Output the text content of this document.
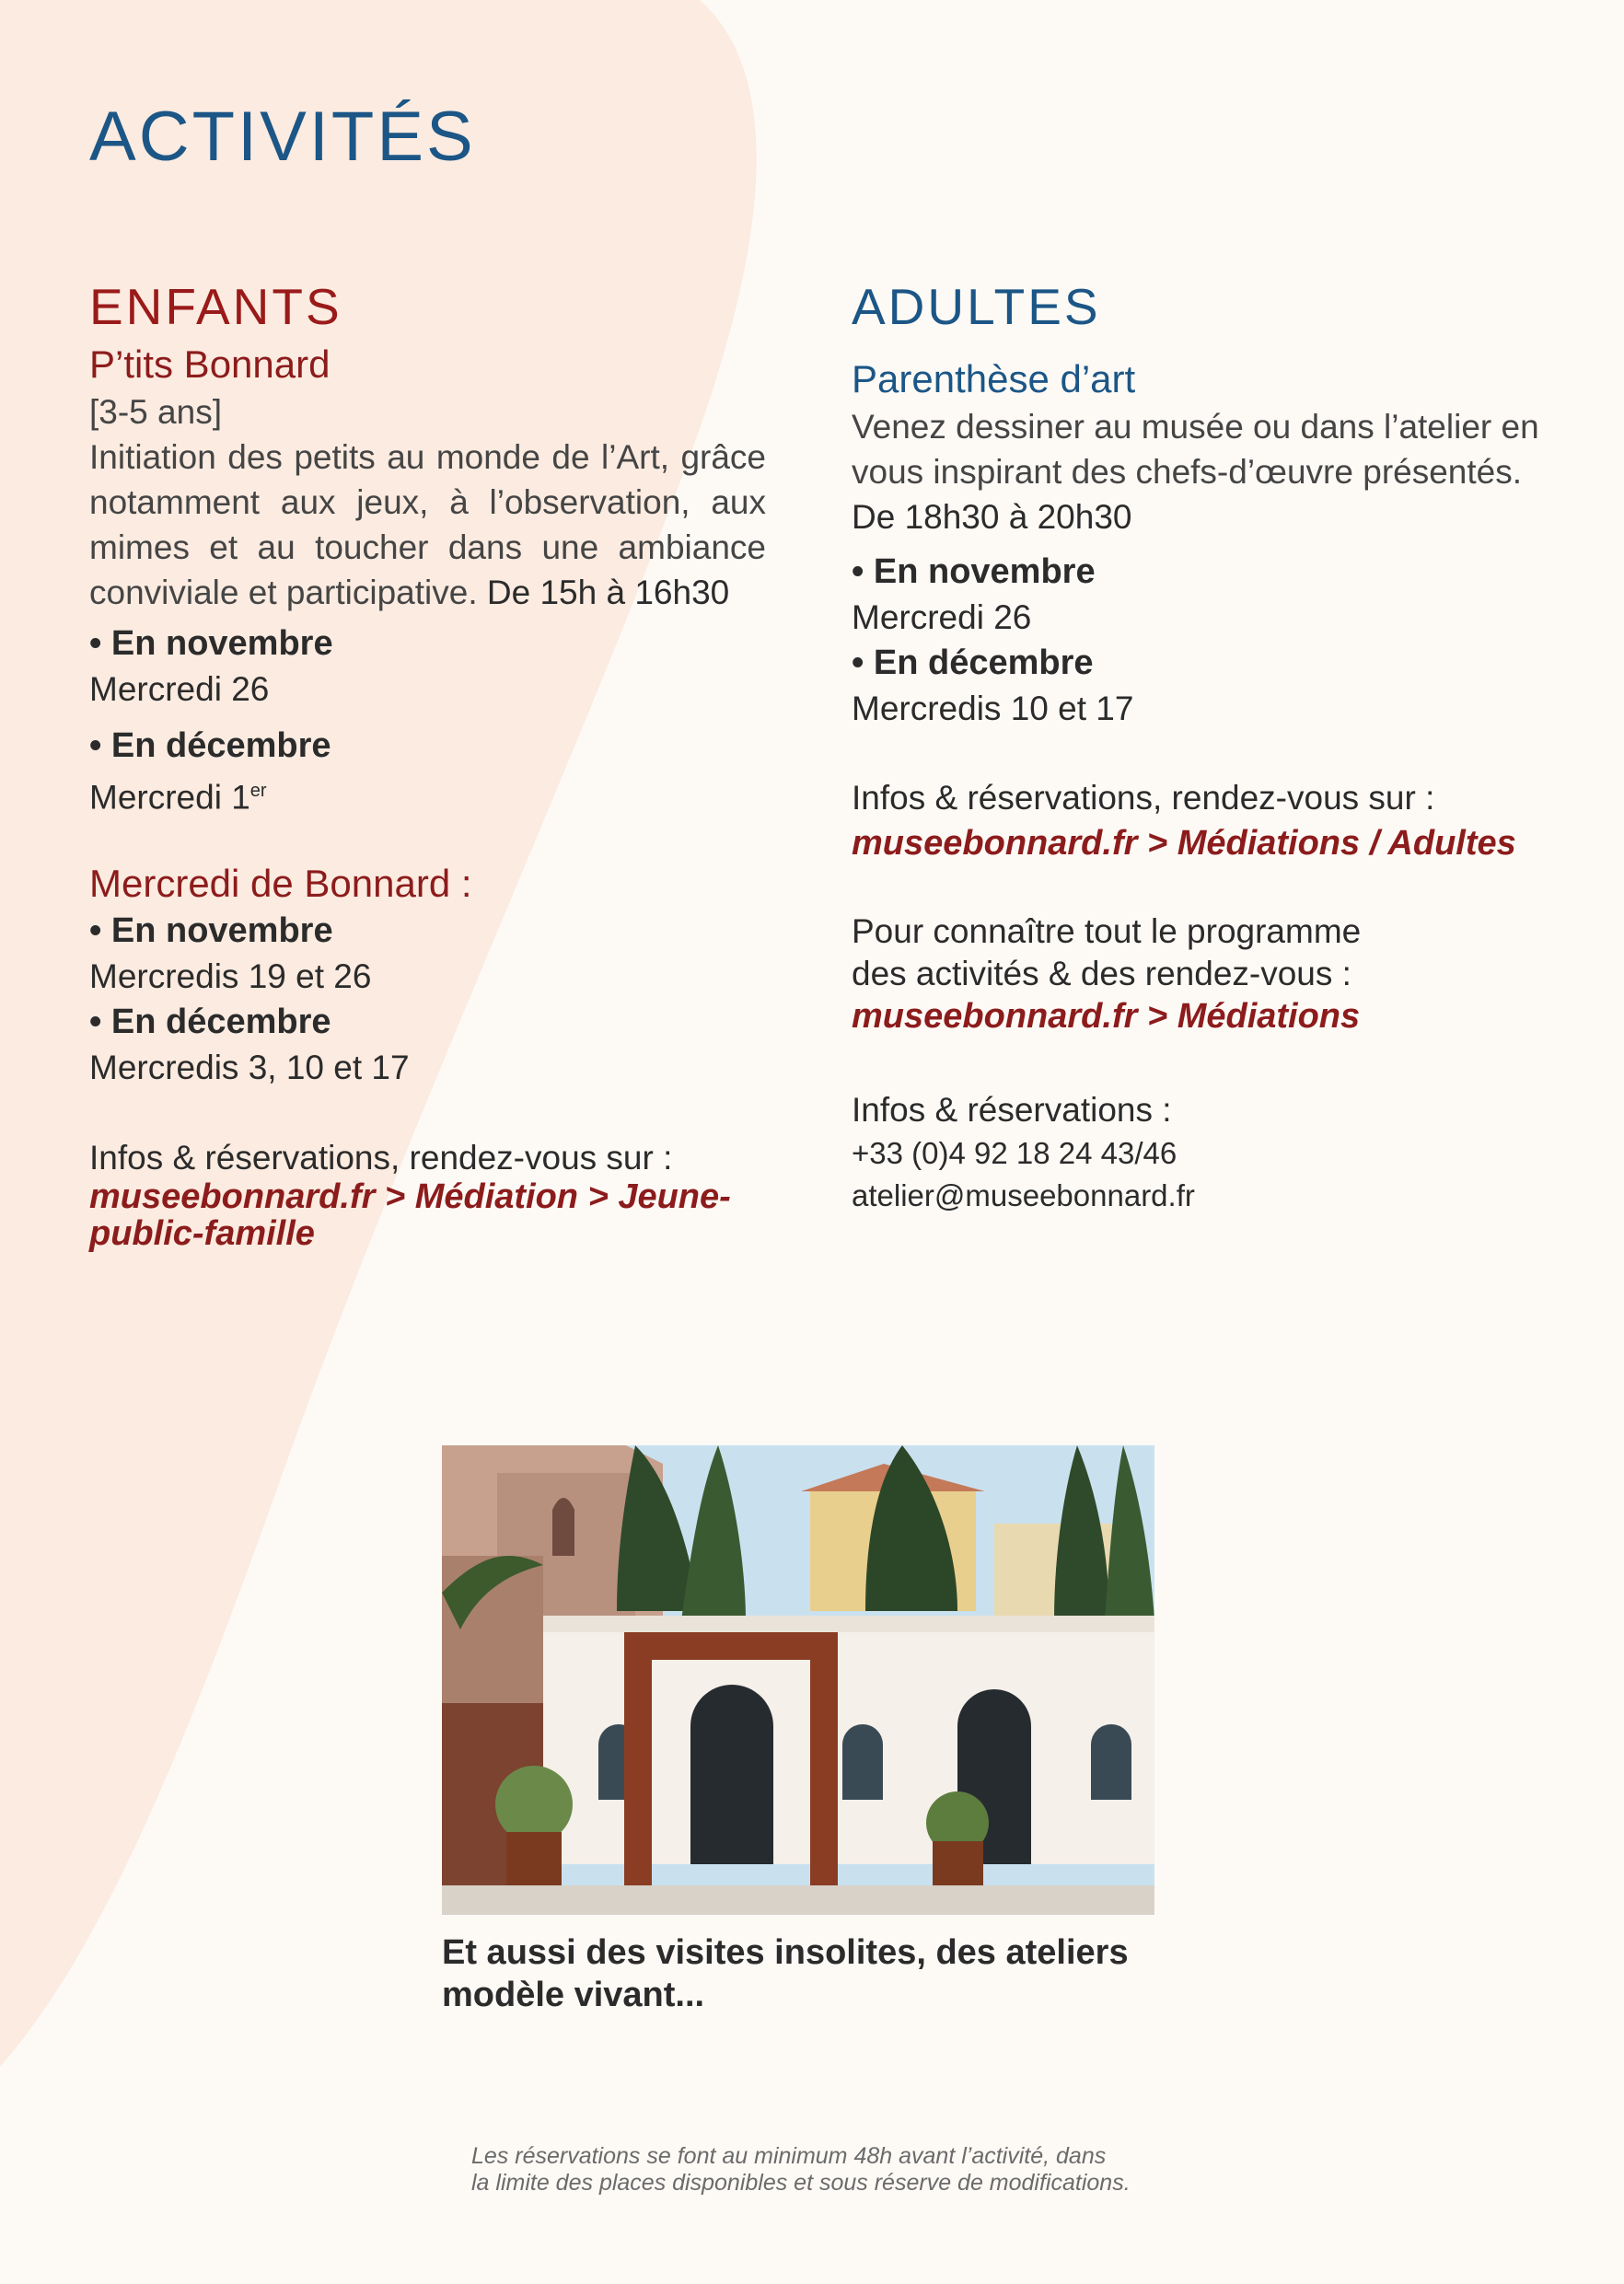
ACTIVITÉS
ENFANTS
P’tits Bonnard

[3-5 ans]

Initiation des petits au monde de l’Art, grâce notamment aux jeux, à l’observation, aux mimes et au toucher dans une ambiance conviviale et participative. De 15h à 16h30

• En novembre

Mercredi 26

• En décembre

Mercredi 1er

Mercredi de Bonnard :

• En novembre

Mercredis 19 et 26

• En décembre

Mercredis 3, 10 et 17

Infos & réservations, rendez-vous sur :

museebonnard.fr > Médiation > Jeune-

public-famille

ADULTES
Parenthèse d’art

Venez dessiner au musée ou dans l’atelier en vous inspirant des chefs-d’œuvre présentés.

De 18h30 à 20h30

• En novembre

Mercredi 26

• En décembre

Mercredis 10 et 17

Infos & réservations, rendez-vous sur :

museebonnard.fr > Médiations / Adultes

Pour connaître tout le programme

des activités & des rendez-vous :

museebonnard.fr > Médiations

Infos & réservations :

+33 (0)4 92 18 24 43/46

atelier@museebonnard.fr

Et aussi des visites insolites, des ateliers
modèle vivant...

Les réservations se font au minimum 48h avant l’activité, dans
la limite des places disponibles et sous réserve de modifications.
